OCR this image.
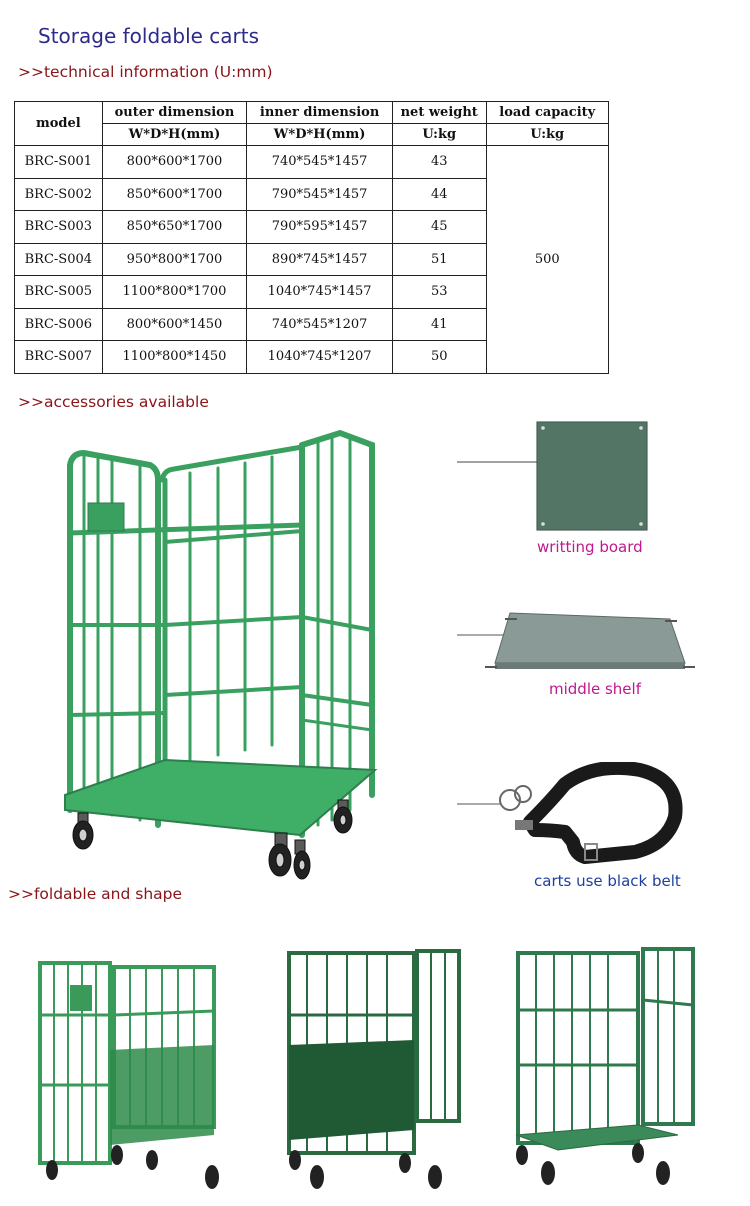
Storage foldable carts
>>technical information (U:mm)
model	outer dimension	inner dimension	net weight	load capacity
	W*D*H(mm)	W*D*H(mm)	U:kg	U:kg
BRC-S001	800*600*1700	740*545*1457	43	500
BRC-S002	850*600*1700	790*545*1457	44	
BRC-S003	850*650*1700	790*595*1457	45	
BRC-S004	950*800*1700	890*745*1457	51	
BRC-S005	1100*800*1700	1040*745*1457	53	
BRC-S006	800*600*1450	740*545*1207	41	
BRC-S007	1100*800*1450	1040*745*1207	50	
>>accessories available
writting board
middle shelf
carts use black belt
>>foldable and shape
